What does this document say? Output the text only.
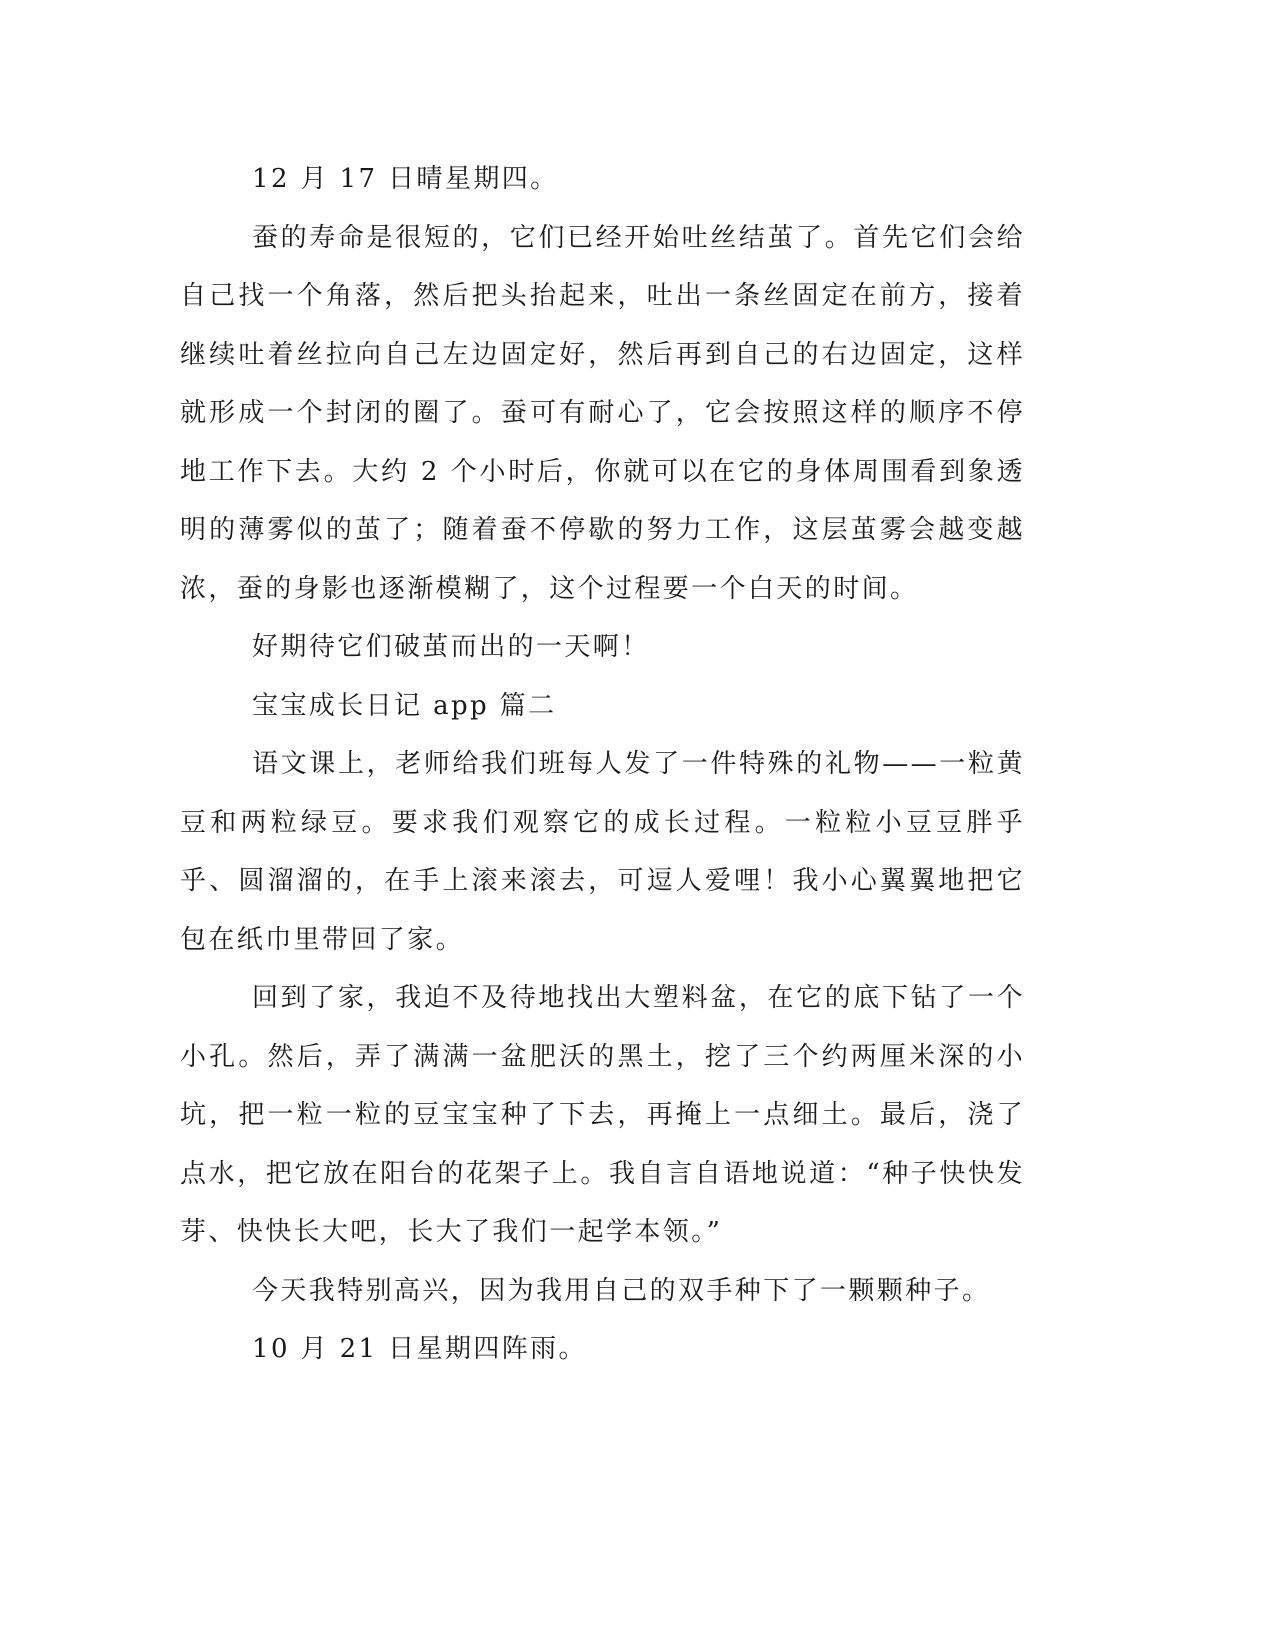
12 月 17 日晴星期四。

蚕的寿命是很短的，它们已经开始吐丝结茧了。首先它们会给自己找一个角落，然后把头抬起来，吐出一条丝固定在前方，接着继续吐着丝拉向自己左边固定好，然后再到自己的右边固定，这样就形成一个封闭的圈了。蚕可有耐心了，它会按照这样的顺序不停地工作下去。大约 2 个小时后，你就可以在它的身体周围看到象透明的薄雾似的茧了；随着蚕不停歇的努力工作，这层茧雾会越变越浓，蚕的身影也逐渐模糊了，这个过程要一个白天的时间。

好期待它们破茧而出的一天啊！

宝宝成长日记 app 篇二

语文课上，老师给我们班每人发了一件特殊的礼物——一粒黄豆和两粒绿豆。要求我们观察它的成长过程。一粒粒小豆豆胖乎乎、圆溜溜的，在手上滚来滚去，可逗人爱哩！我小心翼翼地把它包在纸巾里带回了家。

回到了家，我迫不及待地找出大塑料盆，在它的底下钻了一个小孔。然后，弄了满满一盆肥沃的黑土，挖了三个约两厘米深的小坑，把一粒一粒的豆宝宝种了下去，再掩上一点细土。最后，浇了点水，把它放在阳台的花架子上。我自言自语地说道：“种子快快发芽、快快长大吧，长大了我们一起学本领。”

今天我特别高兴，因为我用自己的双手种下了一颗颗种子。

10 月 21 日星期四阵雨。
